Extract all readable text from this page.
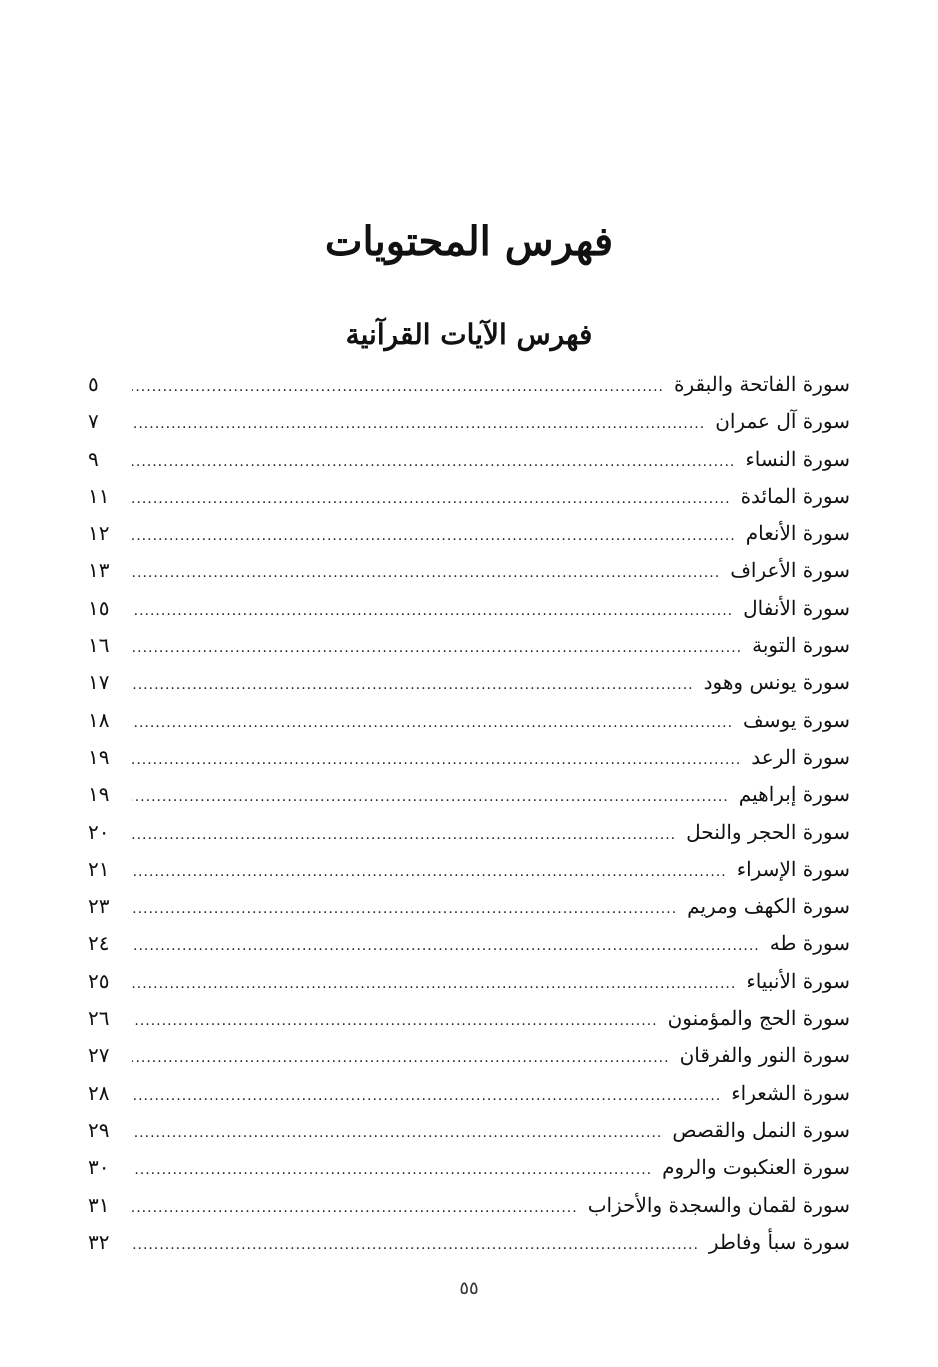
فهرس المحتويات
فهرس الآيات القرآنية
سورة الفاتحة والبقرة
.....
٥
سورة آل عمران
.....
٧
سورة النساء
.....
٩
سورة المائدة
.....
١١
سورة الأنعام
.....
١٢
سورة الأعراف
.....
١٣
سورة الأنفال
.....
١٥
سورة التوبة
.....
١٦
سورة يونس وهود
.....
١٧
سورة يوسف
.....
١٨
سورة الرعد
.....
١٩
سورة إبراهيم
.....
١٩
سورة الحجر والنحل
.....
٢٠
سورة الإسراء
.....
٢١
سورة الكهف ومريم
.....
٢٣
سورة طه
.....
٢٤
سورة الأنبياء
.....
٢٥
سورة الحج والمؤمنون
.....
٢٦
سورة النور والفرقان
.....
٢٧
سورة الشعراء
.....
٢٨
سورة النمل والقصص
.....
٢٩
سورة العنكبوت والروم
.....
٣٠
سورة لقمان والسجدة والأحزاب
.....
٣١
سورة سبأ وفاطر
.....
٣٢
٥٥
